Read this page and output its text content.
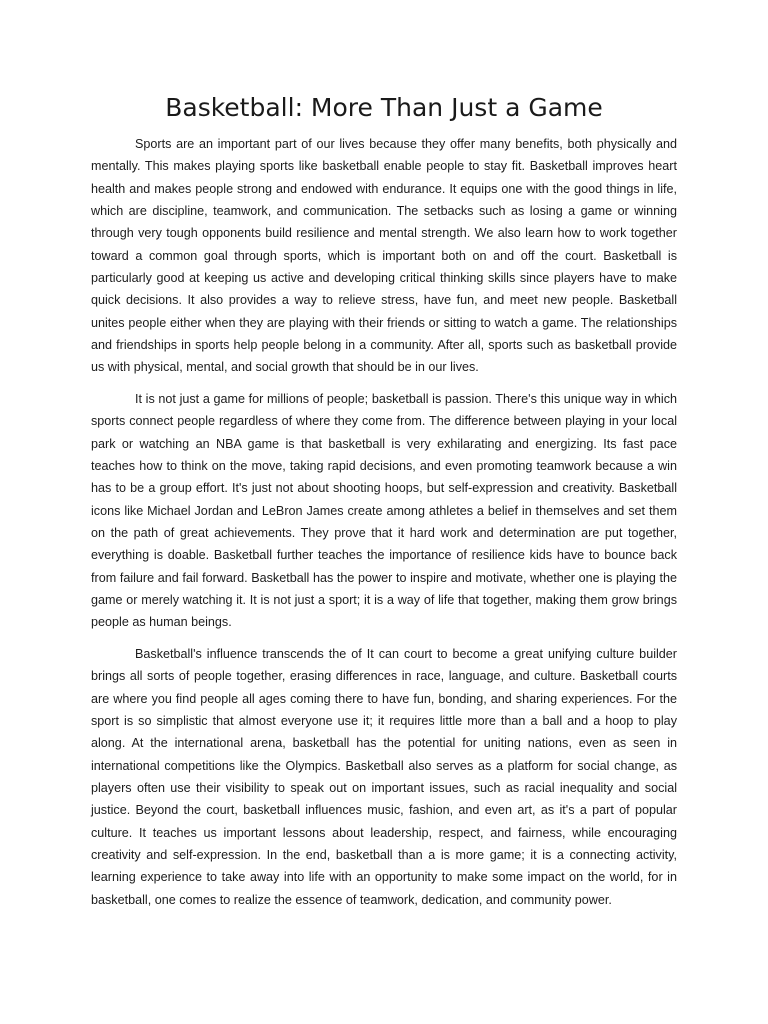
Basketball: More Than Just a Game

Sports are an important part of our lives because they offer many benefits, both physically and mentally. This makes playing sports like basketball enable people to stay fit. Basketball improves heart health and makes people strong and endowed with endurance. It equips one with the good things in life, which are discipline, teamwork, and communication. The setbacks such as losing a game or winning through very tough opponents build resilience and mental strength. We also learn how to work together toward a common goal through sports, which is important both on and off the court. Basketball is particularly good at keeping us active and developing critical thinking skills since players have to make quick decisions. It also provides a way to relieve stress, have fun, and meet new people. Basketball unites people either when they are playing with their friends or sitting to watch a game. The relationships and friendships in sports help people belong in a community. After all, sports such as basketball provide us with physical, mental, and social growth that should be in our lives.

It is not just a game for millions of people; basketball is passion. There's this unique way in which sports connect people regardless of where they come from. The difference between playing in your local park or watching an NBA game is that basketball is very exhilarating and energizing. Its fast pace teaches how to think on the move, taking rapid decisions, and even promoting teamwork because a win has to be a group effort. It's just not about shooting hoops, but self-expression and creativity. Basketball icons like Michael Jordan and LeBron James create among athletes a belief in themselves and set them on the path of great achievements. They prove that it hard work and determination are put together, everything is doable. Basketball further teaches the importance of resilience kids have to bounce back from failure and fail forward. Basketball has the power to inspire and motivate, whether one is playing the game or merely watching it. It is not just a sport; it is a way of life that together, making them grow brings people as human beings.

Basketball's influence transcends the of It can court to become a great unifying culture builder brings all sorts of people together, erasing differences in race, language, and culture. Basketball courts are where you find people all ages coming there to have fun, bonding, and sharing experiences. For the sport is so simplistic that almost everyone use it; it requires little more than a ball and a hoop to play along. At the international arena, basketball has the potential for uniting nations, even as seen in international competitions like the Olympics. Basketball also serves as a platform for social change, as players often use their visibility to speak out on important issues, such as racial inequality and social justice. Beyond the court, basketball influences music, fashion, and even art, as it's a part of popular culture. It teaches us important lessons about leadership, respect, and fairness, while encouraging creativity and self-expression. In the end, basketball than a is more game; it is a connecting activity, learning experience to take away into life with an opportunity to make some impact on the world, for in basketball, one comes to realize the essence of teamwork, dedication, and community power.
